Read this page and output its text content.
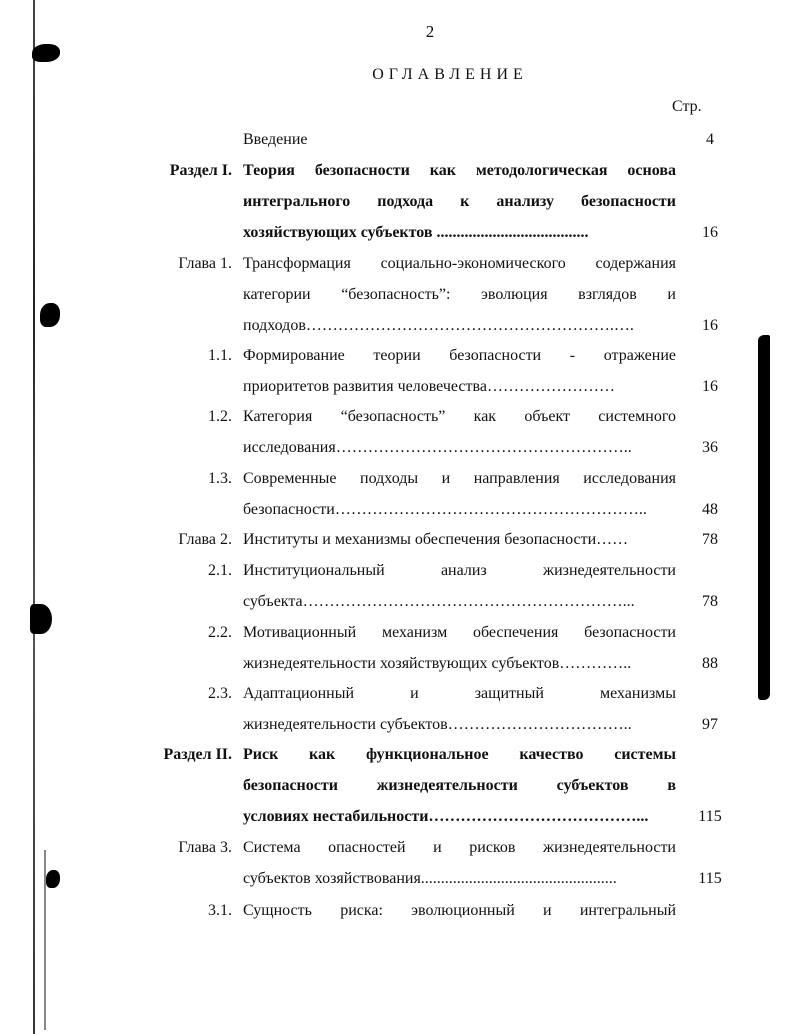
2
ОГЛАВЛЕНИЕ
Стр.
Введение	4
Раздел I. Теория безопасности как методологическая основа
интегрального подхода к анализу безопасности
хозяйствующих субъектов ......................................	16
Глава 1. Трансформация социально-экономического содержания
категории “безопасность”: эволюция взглядов и
подходов………………………………………………….….	16
1.1. Формирование теории безопасности - отражение
приоритетов развития человечества……………………	16
1.2. Категория “безопасность” как объект системного
исследования………………………………………………..	36
1.3. Современные подходы и направления исследования
безопасности…………………………………………………..	48
Глава 2. Институты и механизмы обеспечения безопасности……	78
2.1. Институциональный анализ жизнедеятельности
субъекта……………………………………………………...	78
2.2. Мотивационный механизм обеспечения безопасности
жизнедеятельности хозяйствующих субъектов…………..	88
2.3. Адаптационный и защитный механизмы
жизнедеятельности субъектов……………………………..	97
Раздел II. Риск как функциональное качество системы
безопасности жизнедеятельности субъектов в
условиях нестабильности…………………………………...	115
Глава 3. Система опасностей и рисков жизнедеятельности
субъектов хозяйствования.................................................	115
3.1. Сущность риска: эволюционный и интегральный
